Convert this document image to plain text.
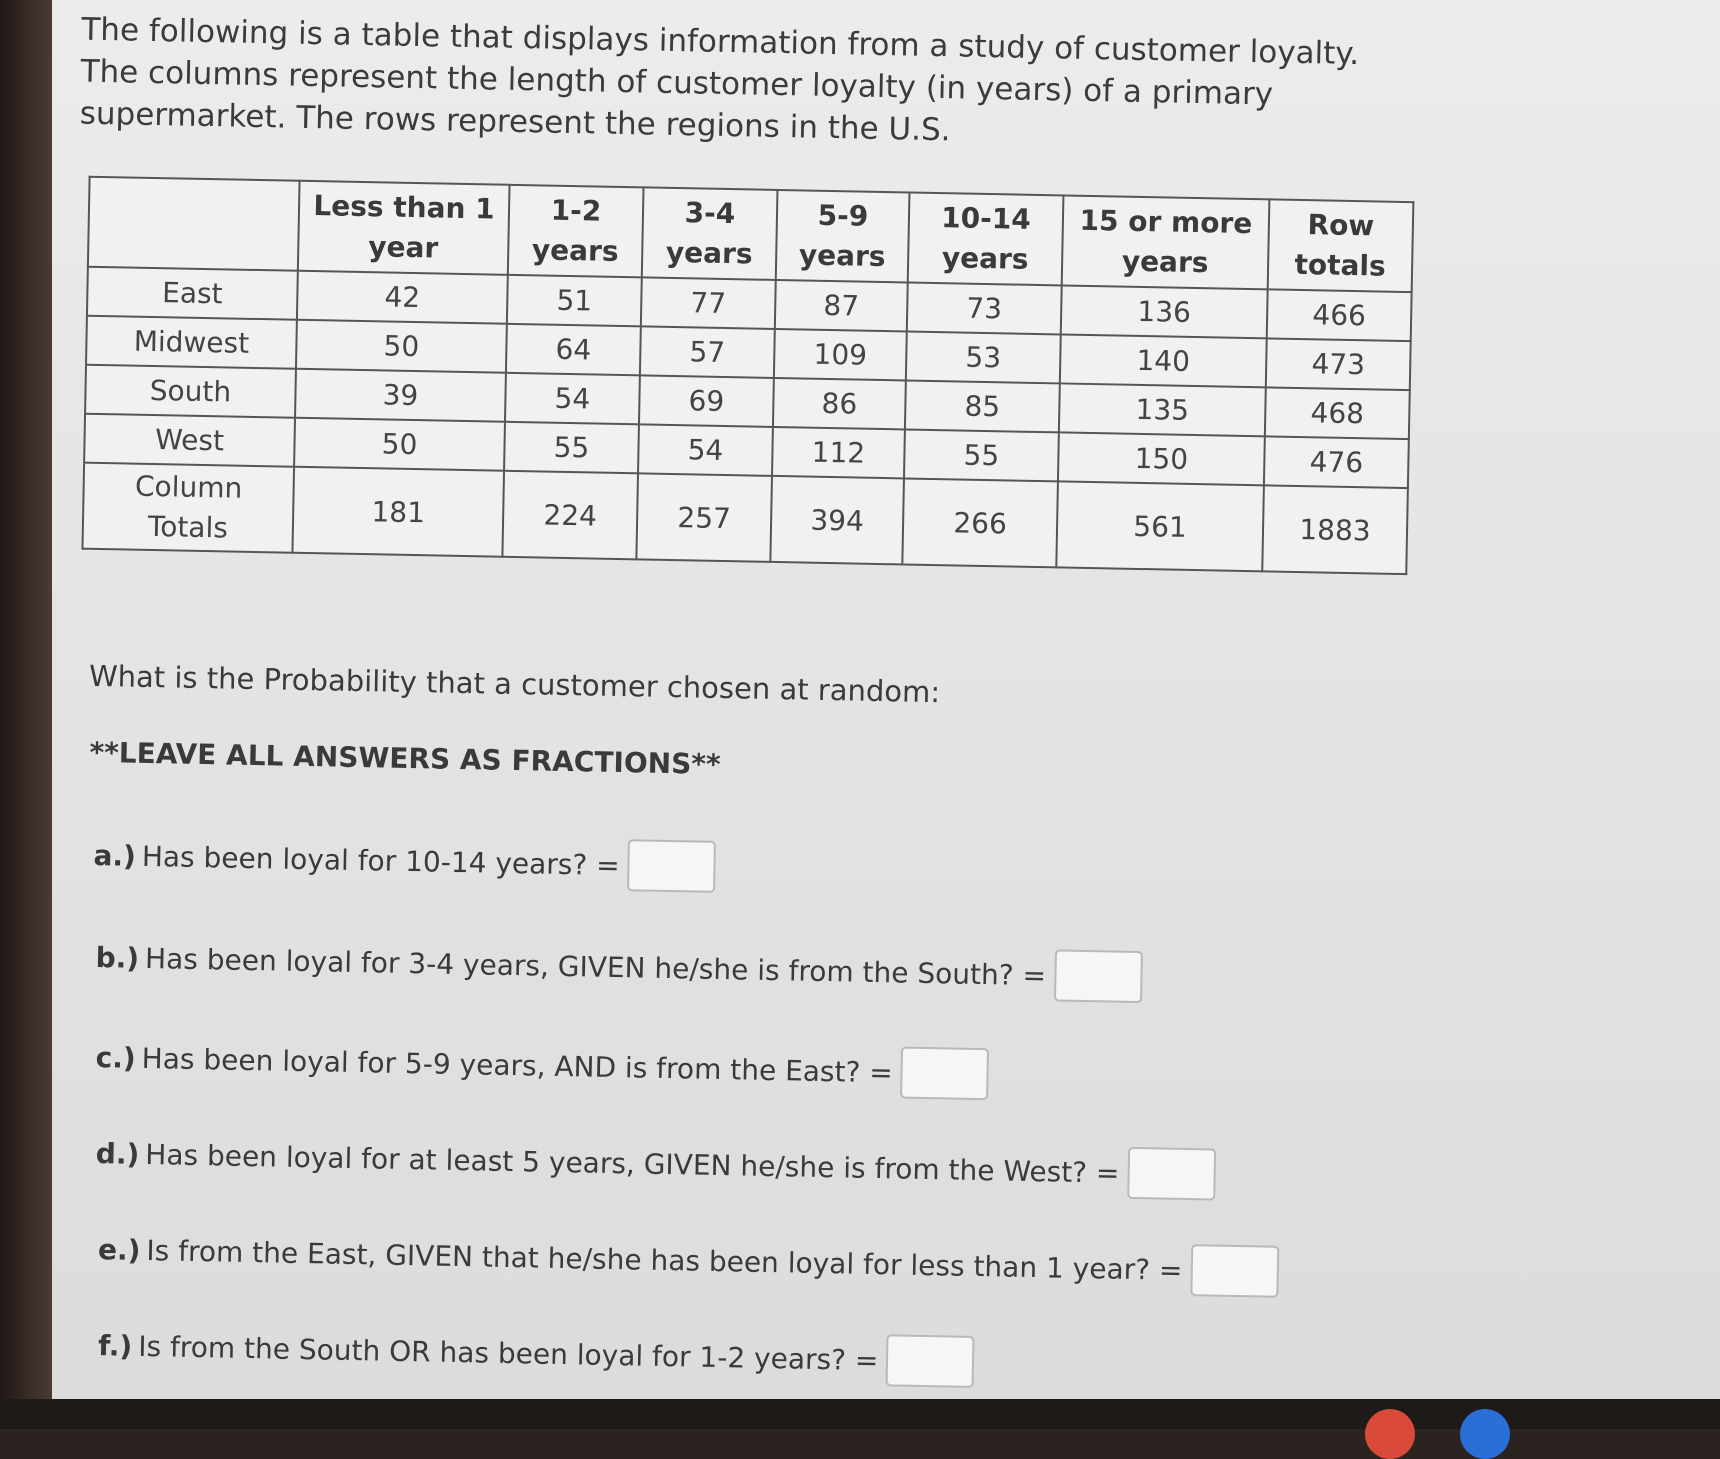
The following is a table that displays information from a study of customer loyalty. The columns represent the length of customer loyalty (in years) of a primary supermarket. The rows represent the regions in the U.S.

	Less than 1 year	1-2 years	3-4 years	5-9 years	10-14 years	15 or more years	Row totals
East	42	51	77	87	73	136	466
Midwest	50	64	57	109	53	140	473
South	39	54	69	86	85	135	468
West	50	55	54	112	55	150	476
Column Totals	181	224	257	394	266	561	1883

What is the Probability that a customer chosen at random:

**LEAVE ALL ANSWERS AS FRACTIONS**

a.) Has been loyal for 10-14 years? =
b.) Has been loyal for 3-4 years, GIVEN he/she is from the South? =
c.) Has been loyal for 5-9 years, AND is from the East? =
d.) Has been loyal for at least 5 years, GIVEN he/she is from the West? =
e.) Is from the East, GIVEN that he/she has been loyal for less than 1 year? =
f.) Is from the South OR has been loyal for 1-2 years? =
